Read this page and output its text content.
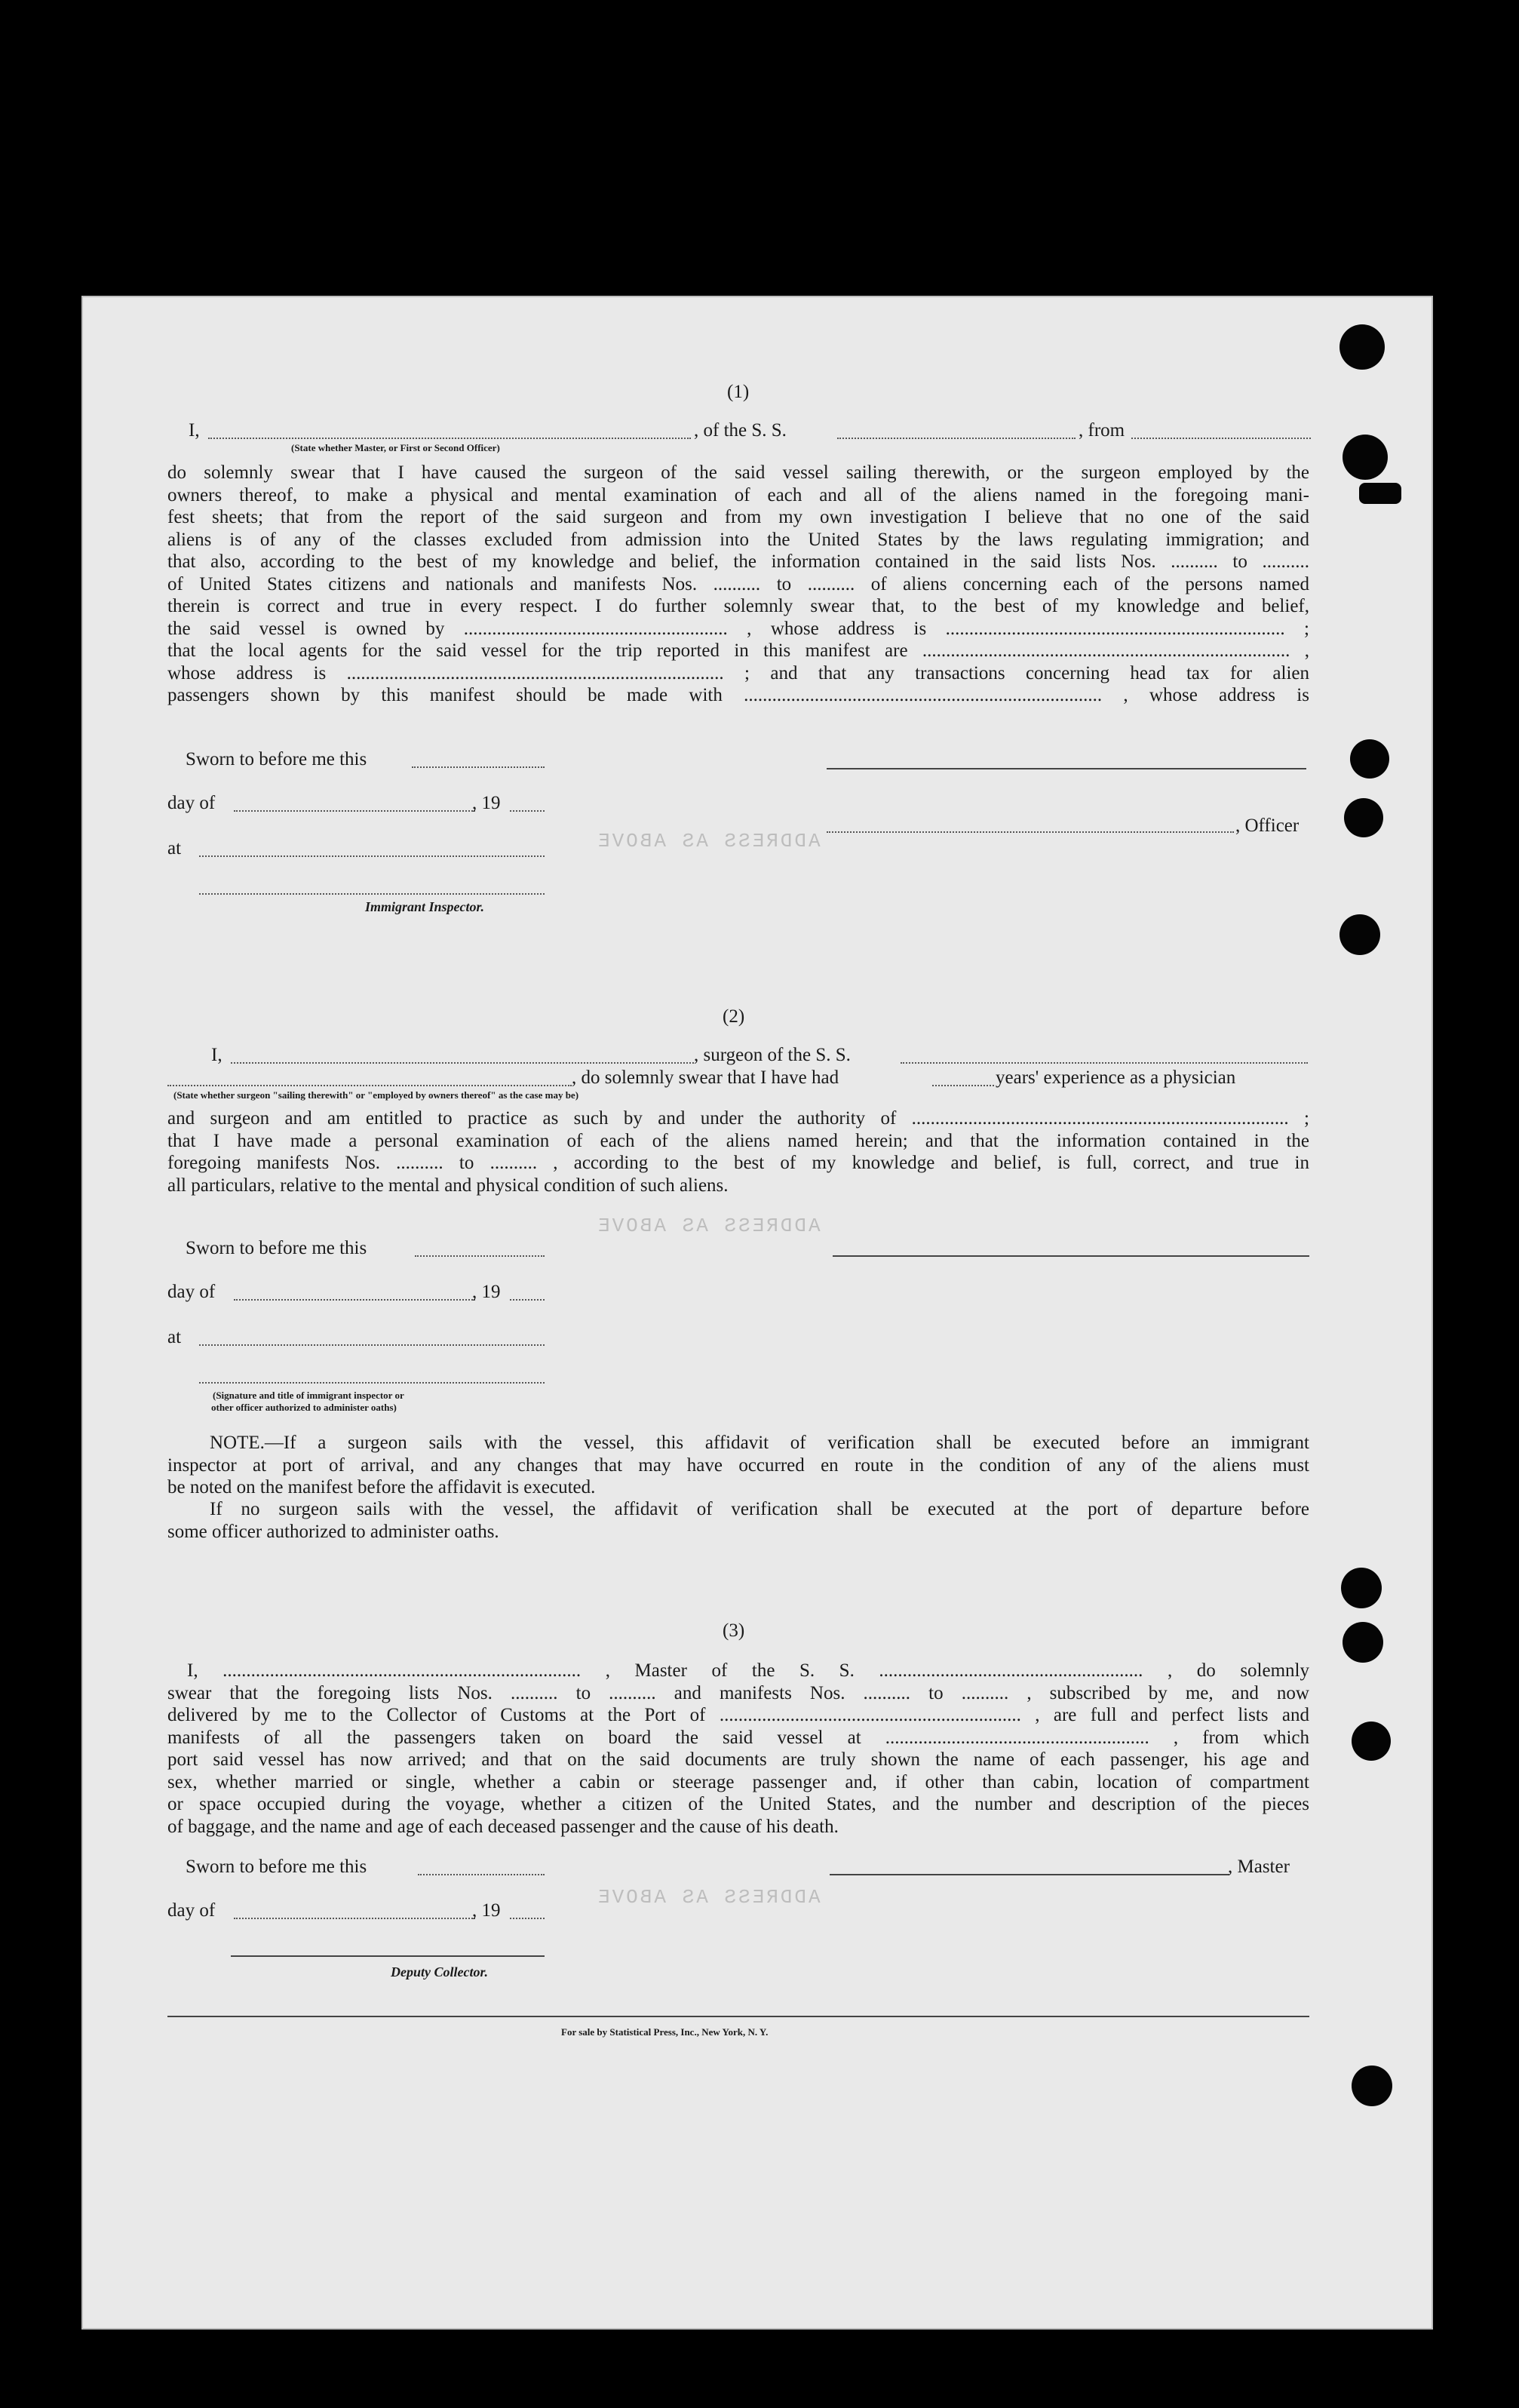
ADDRESS AS ABOVE
ADDRESS AS ABOVE
ADDRESS AS ABOVE
(1)
I,	, of the S. S.	, from
(State whether Master, or First or Second Officer)
do solemnly swear that I have caused the surgeon of the said vessel sailing therewith, or the surgeon employed by the
owners thereof, to make a physical and mental examination of each and all of the aliens named in the foregoing mani-
fest sheets; that from the report of the said surgeon and from my own investigation I believe that no one of the said
aliens is of any of the classes excluded from admission into the United States by the laws regulating immigration; and
that also, according to the best of my knowledge and belief, the information contained in the said lists Nos. .......... to ..........
of United States citizens and nationals and manifests Nos. .......... to .......... of aliens concerning each of the persons named
therein is correct and true in every respect. I do further solemnly swear that, to the best of my knowledge and belief,
the said vessel is owned by ........................................................ , whose address is ........................................................................ ;
that the local agents for the said vessel for the trip reported in this manifest are .............................................................................. ,
whose address is ................................................................................ ; and that any transactions concerning head tax for alien
passengers shown by this manifest should be made with ............................................................................ , whose address is
Sworn to before me this
day of	, 19
at
Immigrant Inspector.
, Officer
(2)
I,	, surgeon of the S. S.
, do solemnly swear that I have had	years' experience as a physician
(State whether surgeon "sailing therewith" or "employed by owners thereof" as the case may be)
and surgeon and am entitled to practice as such by and under the authority of ................................................................................ ;
that I have made a personal examination of each of the aliens named herein; and that the information contained in the
foregoing manifests Nos. .......... to .......... , according to the best of my knowledge and belief, is full, correct, and true in
all particulars, relative to the mental and physical condition of such aliens.
Sworn to before me this
day of	, 19
at
(Signature and title of immigrant inspector or
other officer authorized to administer oaths)
NOTE.—If a surgeon sails with the vessel, this affidavit of verification shall be executed before an immigrant
inspector at port of arrival, and any changes that may have occurred en route in the condition of any of the aliens must
be noted on the manifest before the affidavit is executed.
If no surgeon sails with the vessel, the affidavit of verification shall be executed at the port of departure before
some officer authorized to administer oaths.
(3)
I, ............................................................................ , Master of the S. S. ........................................................ , do solemnly
swear that the foregoing lists Nos. .......... to .......... and manifests Nos. .......... to .......... , subscribed by me, and now
delivered by me to the Collector of Customs at the Port of ................................................................ , are full and perfect lists and
manifests of all the passengers taken on board the said vessel at ........................................................ , from which
port said vessel has now arrived; and that on the said documents are truly shown the name of each passenger, his age and
sex, whether married or single, whether a cabin or steerage passenger and, if other than cabin, location of compartment
or space occupied during the voyage, whether a citizen of the United States, and the number and description of the pieces
of baggage, and the name and age of each deceased passenger and the cause of his death.
Sworn to before me this
day of	, 19
Deputy Collector.
, Master
For sale by Statistical Press, Inc., New York, N. Y.
